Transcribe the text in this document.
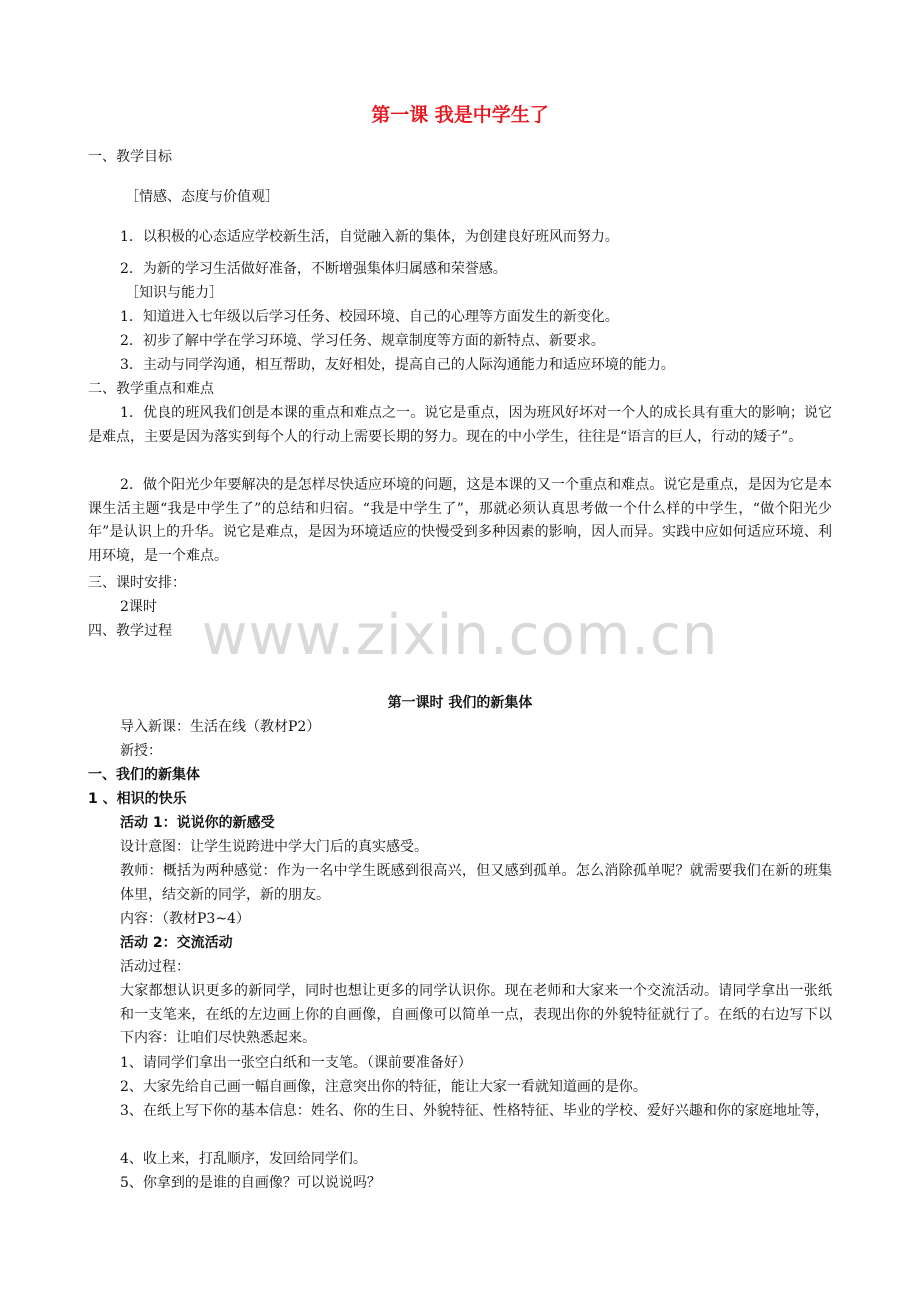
第一课 我是中学生了
一、教学目标
［情感、态度与价值观］
1．以积极的心态适应学校新生活，自觉融入新的集体，为创建良好班风而努力。
2．为新的学习生活做好准备，不断增强集体归属感和荣誉感。
［知识与能力］
1．知道进入七年级以后学习任务、校园环境、自己的心理等方面发生的新变化。
2．初步了解中学在学习环境、学习任务、规章制度等方面的新特点、新要求。
3．主动与同学沟通，相互帮助，友好相处，提高自己的人际沟通能力和适应环境的能力。
二、教学重点和难点
1．优良的班风我们创是本课的重点和难点之一。说它是重点，因为班风好坏对一个人的成长具有重大的影响；说它是难点，主要是因为落实到每个人的行动上需要长期的努力。现在的中小学生，往往是“语言的巨人，行动的矮子”。
2．做个阳光少年要解决的是怎样尽快适应环境的问题，这是本课的又一个重点和难点。说它是重点，是因为它是本课生活主题“我是中学生了”的总结和归宿。“我是中学生了”，那就必须认真思考做一个什么样的中学生，“做个阳光少年”是认识上的升华。说它是难点，是因为环境适应的快慢受到多种因素的影响，因人而异。实践中应如何适应环境、利用环境，是一个难点。
三、课时安排：
2课时
四、教学过程 www.zixin.com.cn
第一课时 我们的新集体
导入新课：生活在线（教材P2）
新授：
一、我们的新集体
1 、相识的快乐
活动 1：说说你的新感受
设计意图：让学生说跨进中学大门后的真实感受。
教师：概括为两种感觉：作为一名中学生既感到很高兴，但又感到孤单。怎么消除孤单呢？就需要我们在新的班集体里，结交新的同学，新的朋友。
内容：（教材P3~4）
活动 2：交流活动
活动过程：
大家都想认识更多的新同学，同时也想让更多的同学认识你。现在老师和大家来一个交流活动。请同学拿出一张纸和一支笔来，在纸的左边画上你的自画像，自画像可以简单一点，表现出你的外貌特征就行了。在纸的右边写下以下内容：让咱们尽快熟悉起来。
1、请同学们拿出一张空白纸和一支笔。（课前要准备好）
2、大家先给自己画一幅自画像，注意突出你的特征，能让大家一看就知道画的是你。
3、在纸上写下你的基本信息：姓名、你的生日、外貌特征、性格特征、毕业的学校、爱好兴趣和你的家庭地址等，
4、收上来，打乱顺序，发回给同学们。
5、你拿到的是谁的自画像？可以说说吗？
